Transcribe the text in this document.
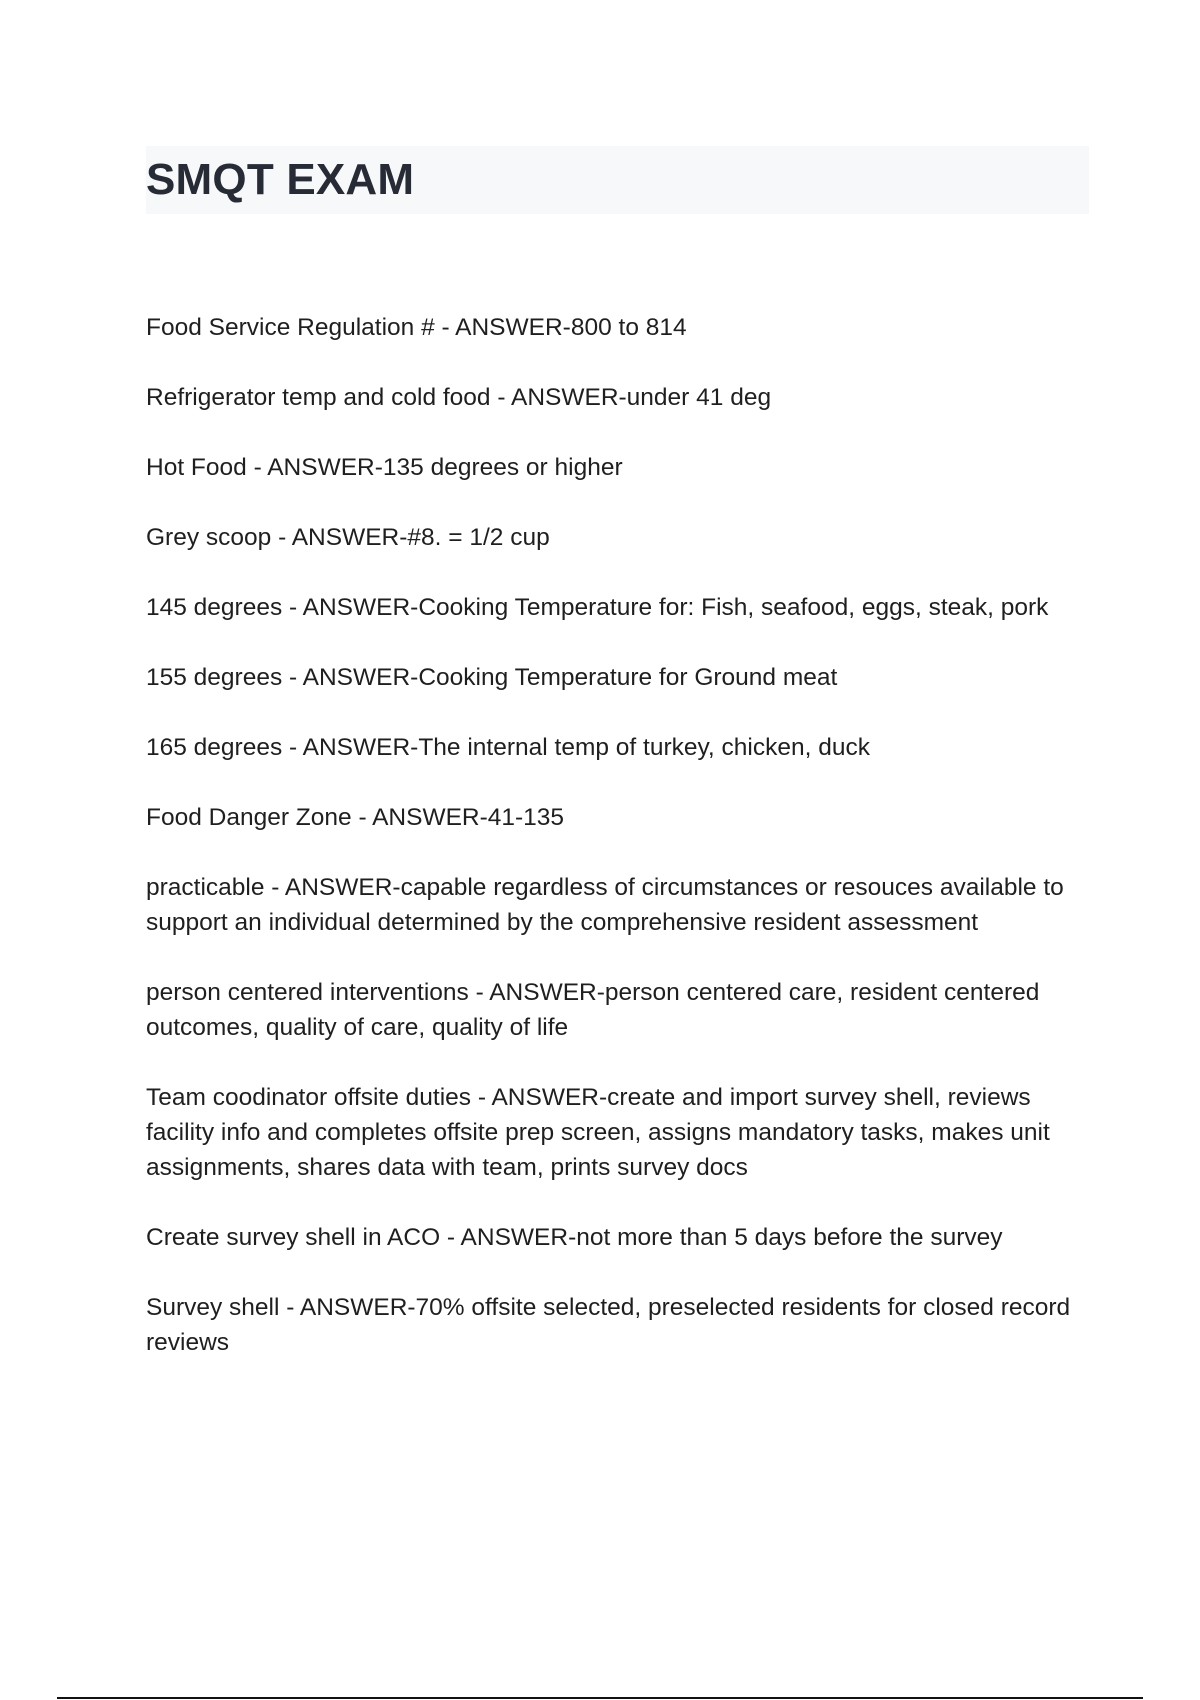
SMQT EXAM
Food Service Regulation # - ANSWER-800 to 814
Refrigerator temp and cold food - ANSWER-under 41 deg
Hot Food - ANSWER-135 degrees or higher
Grey scoop - ANSWER-#8. = 1/2 cup
145 degrees - ANSWER-Cooking Temperature for: Fish, seafood, eggs, steak, pork
155 degrees - ANSWER-Cooking Temperature for Ground meat
165 degrees - ANSWER-The internal temp of turkey, chicken, duck
Food Danger Zone - ANSWER-41-135
practicable - ANSWER-capable regardless of circumstances or resouces available to support an individual determined by the comprehensive resident assessment
person centered interventions - ANSWER-person centered care, resident centered outcomes, quality of care, quality of life
Team coodinator offsite duties - ANSWER-create and import survey shell, reviews facility info and completes offsite prep screen, assigns mandatory tasks, makes unit assignments, shares data with team, prints survey docs
Create survey shell in ACO - ANSWER-not more than 5 days before the survey
Survey shell - ANSWER-70% offsite selected, preselected residents for closed record reviews
